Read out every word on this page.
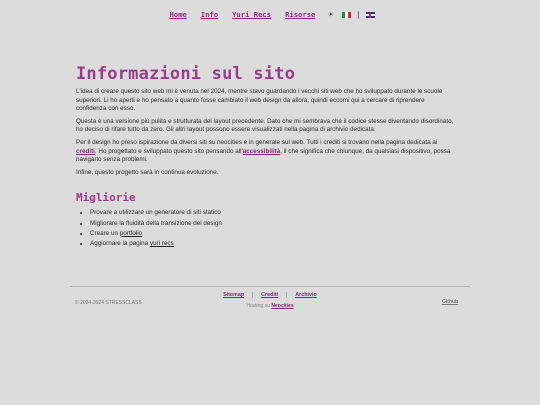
Home Info Yuri Recs Risorse ☀	|
Informazioni sul sito

L'idea di creare questo sito web mi è venuta nel 2024, mentre stavo guardando i vecchi siti web che ho sviluppato durante le scuole superiori. Li ho aperti e ho pensato a quanto fosse cambiato il web design da allora, quindi eccomi qui a cercare di riprendere confidenza con esso.

Questa è una versione più pulita e strutturata del layout precedente. Dato che mi sembrava che il codice stesse diventando disordinato, ho deciso di rifare tutto da zero. Gli altri layout possono essere visualizzati nella pagina di archivio dedicata.

Per il design ho preso ispirazione da diversi siti su neocities e in generale sul web. Tutti i crediti si trovano nella pagina dedicata ai crediti. Ho progettato e sviluppato questo sito pensando all'accessibilità, il che significa che chiunque, da qualsiasi dispositivo, possa navigarlo senza problemi.

Infine, questo progetto sarà in continua evoluzione.

Migliorie
• Provare a utilizzare un generatore di siti statico
• Migliorare la fluidità della transizione del design
• Creare un portfolio
• Aggiornare la pagina yuri recs
© 2024-2024 STRESSCLASS
Sitemap	Crediti	Archivio
Hosting su Neocities
Github
